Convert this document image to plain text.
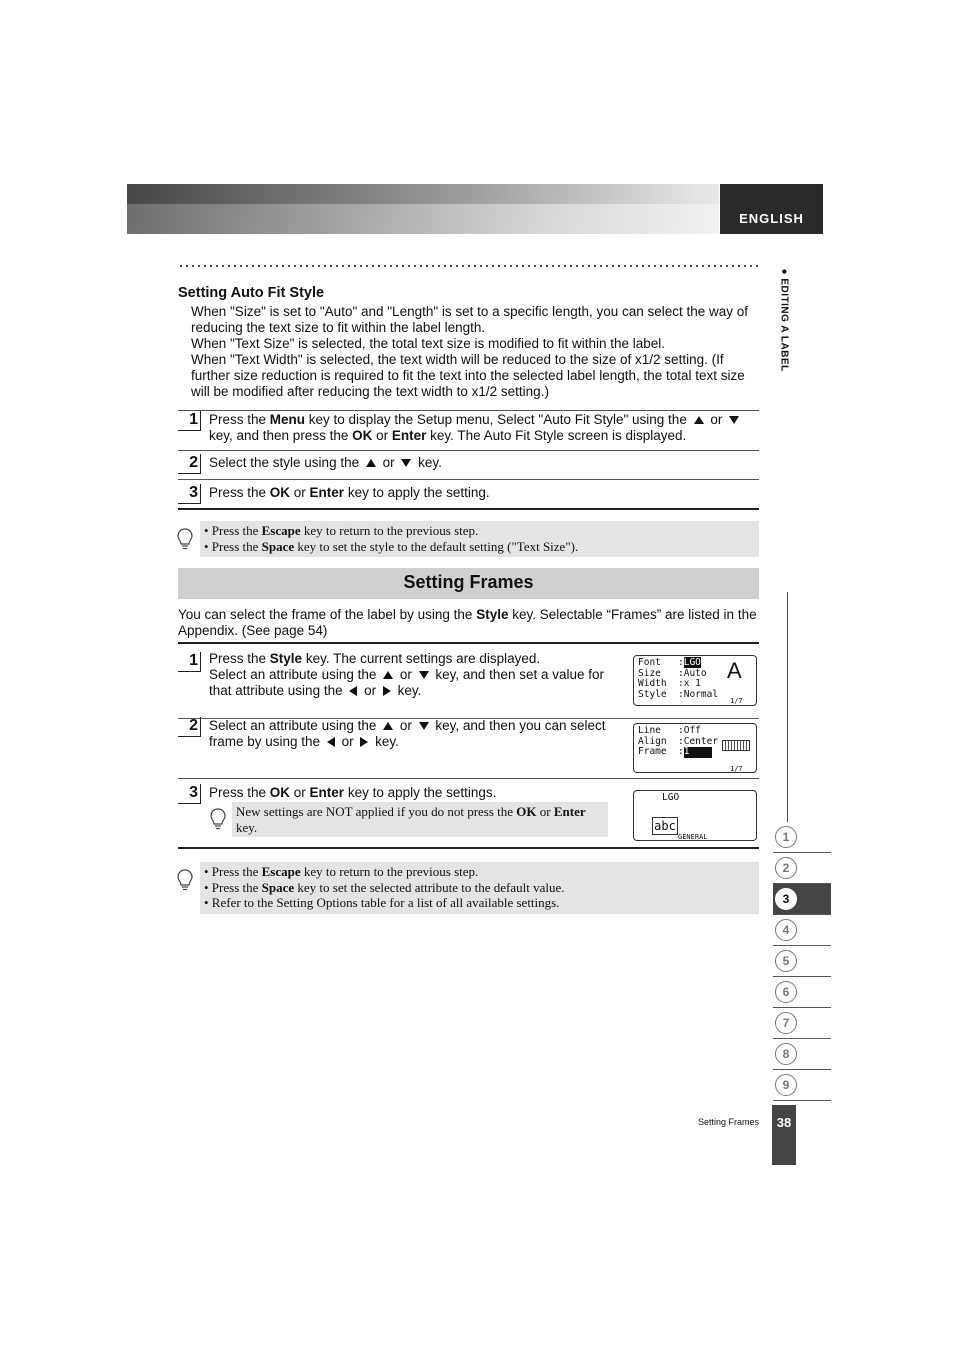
ENGLISH
● EDITING A LABEL
Setting Auto Fit Style

When "Size" is set to "Auto" and "Length" is set to a specific length, you can select the way of reducing the text size to fit within the label length.

When "Text Size" is selected, the total text size is modified to fit within the label.

When "Text Width" is selected, the text width will be reduced to the size of x1/2 setting. (If further size reduction is required to fit the text into the selected label length, the total text size will be modified after reducing the text width to x1/2 setting.)

1 Press the Menu key to display the Setup menu, Select "Auto Fit Style" using the  or  key, and then press the OK or Enter key. The Auto Fit Style screen is displayed.
2 Select the style using the  or  key.
3 Press the OK or Enter key to apply the setting.
• Press the Escape key to return to the previous step.
• Press the Space key to set the style to the default setting ("Text Size").
Setting Frames
You can select the frame of the label by using the Style key. Selectable “Frames” are listed in the Appendix. (See page 54)
1 Press the Style key. The current settings are displayed.
Select an attribute using the  or  key, and then set a value for that attribute using the  or  key.
Font :LGO
Size :Auto
Width :x 1
Style :Normal
A
1/7
2 Select an attribute using the  or  key, and then you can select frame by using the  or  key.
Line :Off
Align :Center
Frame :1
1/7
3 Press the OK or Enter key to apply the settings.
New settings are NOT applied if you do not press the OK or Enter key.
LGO
abc
GENERAL
• Press the Escape key to return to the previous step.
• Press the Space key to set the selected attribute to the default value.
• Refer to the Setting Options table for a list of all available settings.
1
2
3
4
5
6
7
8
9
Setting Frames	38
